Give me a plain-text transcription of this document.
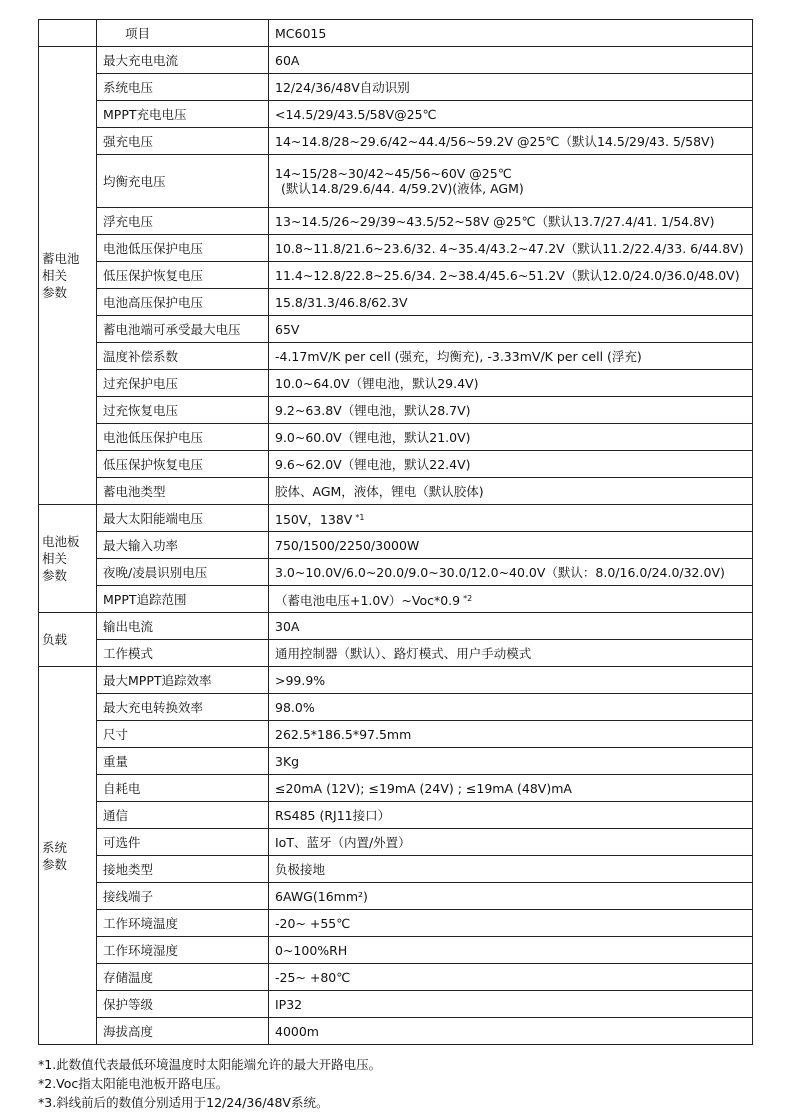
	项目	MC6015

蓄电池
相关
参数	最大充电电流	60A
	系统电压	12/24/36/48V自动识别
	MPPT充电电压	<14.5/29/43.5/58V@25℃
	强充电压	14~14.8/28~29.6/42~44.4/56~59.2V @25℃（默认14.5/29/43. 5/58V)
	均衡充电压	14~15/28~30/42~45/56~60V @25℃

(默认14.8/29.6/44. 4/59.2V)(液体, AGM)

	浮充电压	13~14.5/26~29/39~43.5/52~58V @25℃（默认13.7/27.4/41. 1/54.8V)
	电池低压保护电压	10.8~11.8/21.6~23.6/32. 4~35.4/43.2~47.2V（默认11.2/22.4/33. 6/44.8V)
	低压保护恢复电压	11.4~12.8/22.8~25.6/34. 2~38.4/45.6~51.2V（默认12.0/24.0/36.0/48.0V)
	电池高压保护电压	15.8/31.3/46.8/62.3V
	蓄电池端可承受最大电压	65V
	温度补偿系数	-4.17mV/K per cell (强充，均衡充), -3.33mV/K per cell (浮充)
	过充保护电压	10.0~64.0V（锂电池，默认29.4V)
	过充恢复电压	9.2~63.8V（锂电池，默认28.7V)
	电池低压保护电压	9.0~60.0V（锂电池，默认21.0V)
	低压保护恢复电压	9.6~62.0V（锂电池，默认22.4V)
	蓄电池类型	胶体、AGM，液体，锂电（默认胶体)

电池板
相关
参数	最大太阳能端电压	150V，138V $^{*1}$
	最大输入功率	750/1500/2250/3000W
	夜晚/凌晨识别电压	3.0~10.0V/6.0~20.0/9.0~30.0/12.0~40.0V（默认：8.0/16.0/24.0/32.0V)
	MPPT追踪范围	（蓄电池电压+1.0V）~Voc*0.9 $^{*2}$

负载	输出电流	30A
	工作模式	通用控制器（默认）、路灯模式、用户手动模式

系统
参数	最大MPPT追踪效率	>99.9%
	最大充电转换效率	98.0%
	尺寸	262.5*186.5*97.5mm
	重量	3Kg
	自耗电	≤20mA (12V); ≤19mA (24V) ; ≤19mA (48V)mA
	通信	RS485 (RJ11接口）
	可选件	IoT、蓝牙（内置/外置）
	接地类型	负极接地
	接线端子	6AWG(16mm²)
	工作环境温度	-20~ +55℃
	工作环境湿度	0~100%RH
	存储温度	-25~ +80℃
	保护等级	IP32
	海拔高度	4000m
*1.此数值代表最低环境温度时太阳能端允许的最大开路电压。
*2.Voc指太阳能电池板开路电压。
*3.斜线前后的数值分别适用于12/24/36/48V系统。
